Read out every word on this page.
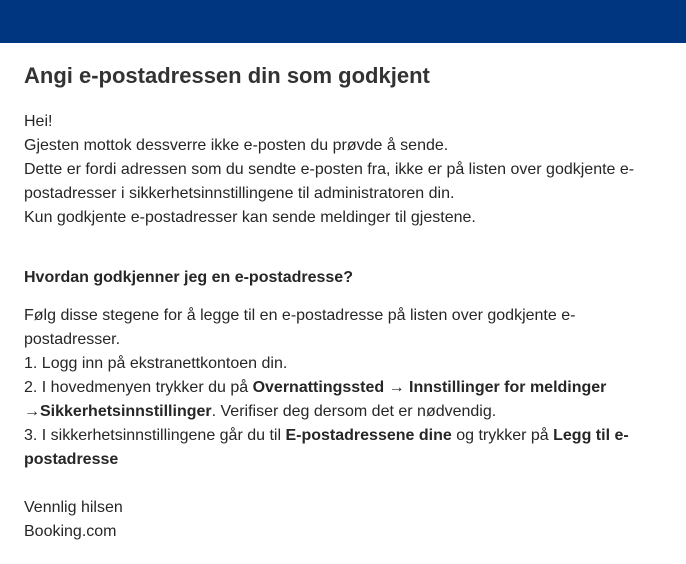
Angi e-postadressen din som godkjent

Hei!

Gjesten mottok dessverre ikke e-posten du prøvde å sende.

Dette er fordi adressen som du sendte e-posten fra, ikke er på listen over godkjente e-postadresser i sikkerhetsinnstillingene til administratoren din.

Kun godkjente e-postadresser kan sende meldinger til gjestene.

Hvordan godkjenner jeg en e-postadresse?

Følg disse stegene for å legge til en e-postadresse på listen over godkjente e-postadresser.

1. Logg inn på ekstranettkontoen din.

2. I hovedmenyen trykker du på Overnattingssted → Innstillinger for meldinger →Sikkerhetsinnstillinger. Verifiser deg dersom det er nødvendig.

3. I sikkerhetsinnstillingene går du til E-postadressene dine og trykker på Legg til e-postadresse

Vennlig hilsen

Booking.com
